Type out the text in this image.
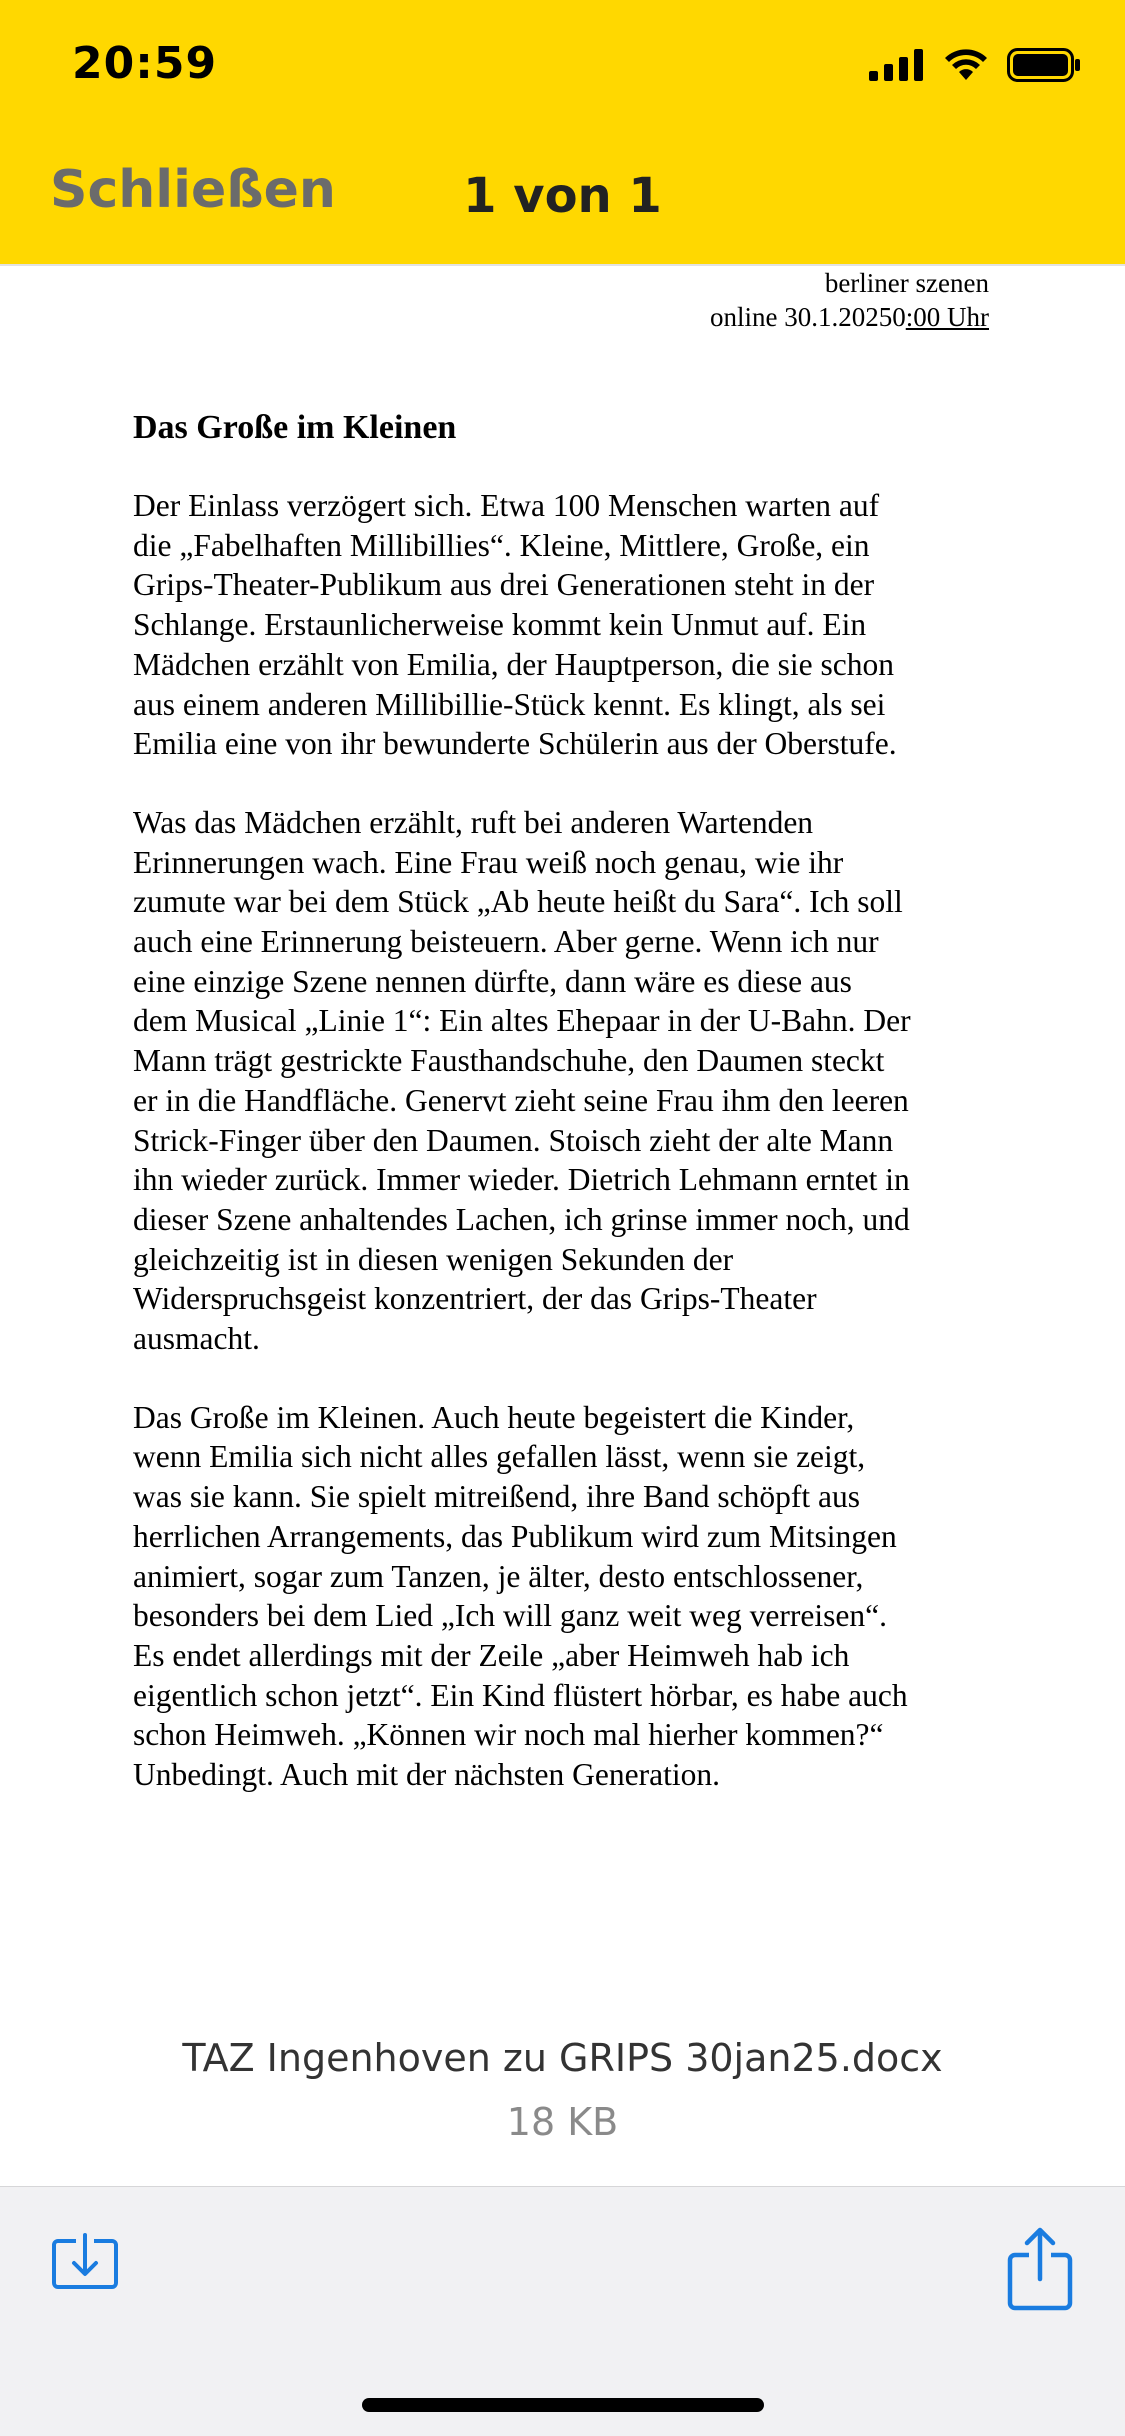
20:59
Schließen	1 von 1
berliner szenen
online 30.1.20250:00 Uhr
Das Große im Kleinen

Der Einlass verzögert sich. Etwa 100 Menschen warten auf die „Fabelhaften Millibillies“. Kleine, Mittlere, Große, ein Grips-Theater-Publikum aus drei Generationen steht in der Schlange. Erstaunlicherweise kommt kein Unmut auf. Ein Mädchen erzählt von Emilia, der Hauptperson, die sie schon aus einem anderen Millibillie-Stück kennt. Es klingt, als sei Emilia eine von ihr bewunderte Schülerin aus der Oberstufe.

Was das Mädchen erzählt, ruft bei anderen Wartenden Erinnerungen wach. Eine Frau weiß noch genau, wie ihr zumute war bei dem Stück „Ab heute heißt du Sara“. Ich soll auch eine Erinnerung beisteuern. Aber gerne. Wenn ich nur eine einzige Szene nennen dürfte, dann wäre es diese aus dem Musical „Linie 1“: Ein altes Ehepaar in der U-Bahn. Der Mann trägt gestrickte Fausthandschuhe, den Daumen steckt er in die Handfläche. Genervt zieht seine Frau ihm den leeren Strick-Finger über den Daumen. Stoisch zieht der alte Mann ihn wieder zurück. Immer wieder. Dietrich Lehmann erntet in dieser Szene anhaltendes Lachen, ich grinse immer noch, und gleichzeitig ist in diesen wenigen Sekunden der Widerspruchsgeist konzentriert, der das Grips-Theater ausmacht.

Das Große im Kleinen. Auch heute begeistert die Kinder, wenn Emilia sich nicht alles gefallen lässt, wenn sie zeigt, was sie kann. Sie spielt mitreißend, ihre Band schöpft aus herrlichen Arrangements, das Publikum wird zum Mitsingen animiert, sogar zum Tanzen, je älter, desto entschlossener, besonders bei dem Lied „Ich will ganz weit weg verreisen“. Es endet allerdings mit der Zeile „aber Heimweh hab ich eigentlich schon jetzt“. Ein Kind flüstert hörbar, es habe auch schon Heimweh. „Können wir noch mal hierher kommen?“ Unbedingt. Auch mit der nächsten Generation.

TAZ Ingenhoven zu GRIPS 30jan25.docx
18 KB
